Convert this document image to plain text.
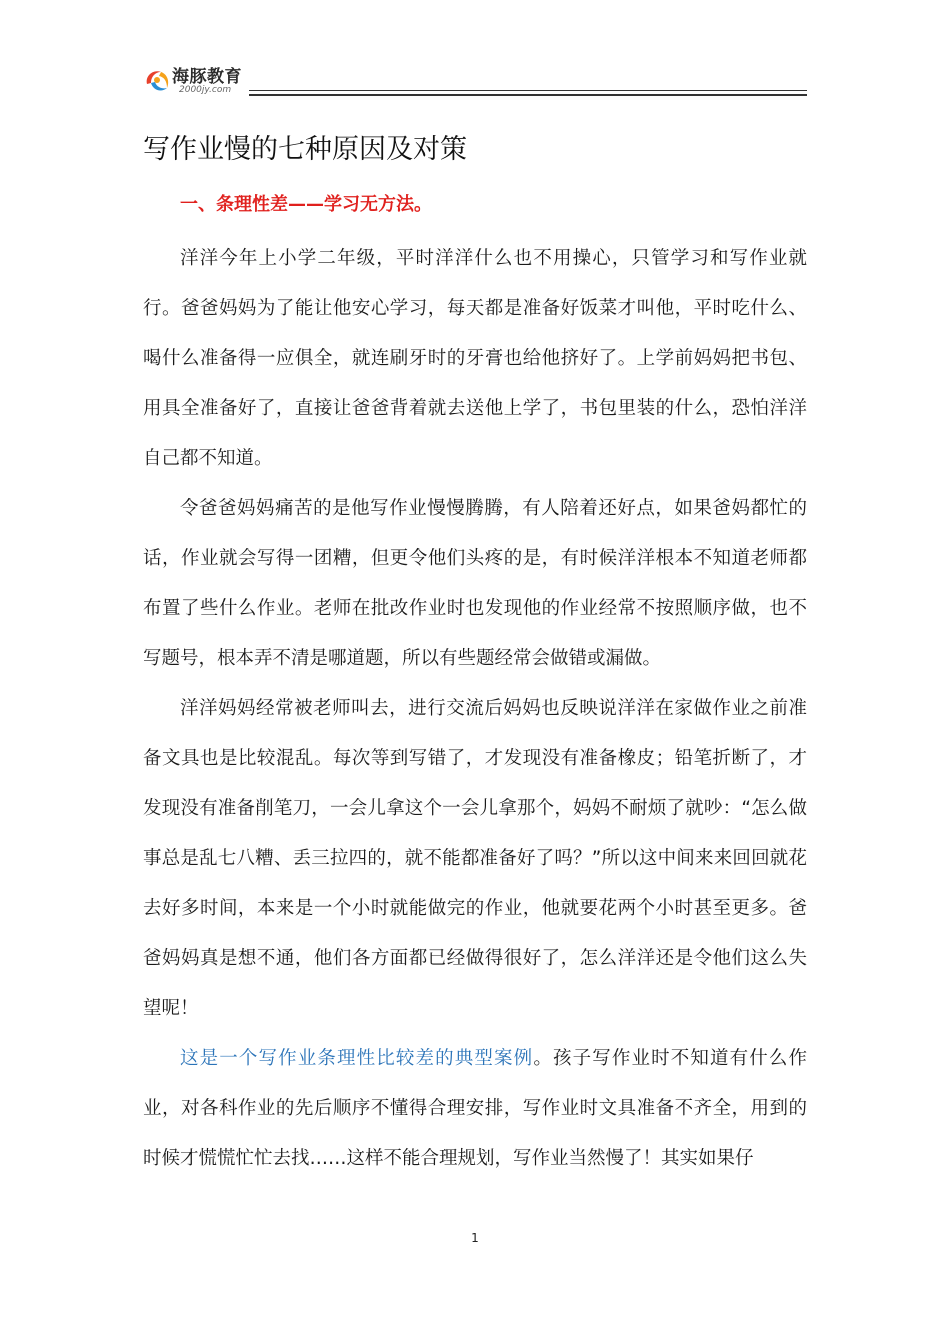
海豚教育
2000jy.com
写作业慢的七种原因及对策
一、条理性差——学习无方法。

洋洋今年上小学二年级，平时洋洋什么也不用操心，只管学习和写作业就行。爸爸妈妈为了能让他安心学习，每天都是准备好饭菜才叫他，平时吃什么、喝什么准备得一应俱全，就连刷牙时的牙膏也给他挤好了。上学前妈妈把书包、用具全准备好了，直接让爸爸背着就去送他上学了，书包里装的什么，恐怕洋洋自己都不知道。

令爸爸妈妈痛苦的是他写作业慢慢腾腾，有人陪着还好点，如果爸妈都忙的话，作业就会写得一团糟，但更令他们头疼的是，有时候洋洋根本不知道老师都布置了些什么作业。老师在批改作业时也发现他的作业经常不按照顺序做，也不写题号，根本弄不清是哪道题，所以有些题经常会做错或漏做。

洋洋妈妈经常被老师叫去，进行交流后妈妈也反映说洋洋在家做作业之前准备文具也是比较混乱。每次等到写错了，才发现没有准备橡皮；铅笔折断了，才发现没有准备削笔刀，一会儿拿这个一会儿拿那个，妈妈不耐烦了就吵：“怎么做事总是乱七八糟、丢三拉四的，就不能都准备好了吗？”所以这中间来来回回就花去好多时间，本来是一个小时就能做完的作业，他就要花两个小时甚至更多。爸爸妈妈真是想不通，他们各方面都已经做得很好了，怎么洋洋还是令他们这么失望呢！

这是一个写作业条理性比较差的典型案例。孩子写作业时不知道有什么作业，对各科作业的先后顺序不懂得合理安排，写作业时文具准备不齐全，用到的时候才慌慌忙忙去找……这样不能合理规划，写作业当然慢了！其实如果仔

1
